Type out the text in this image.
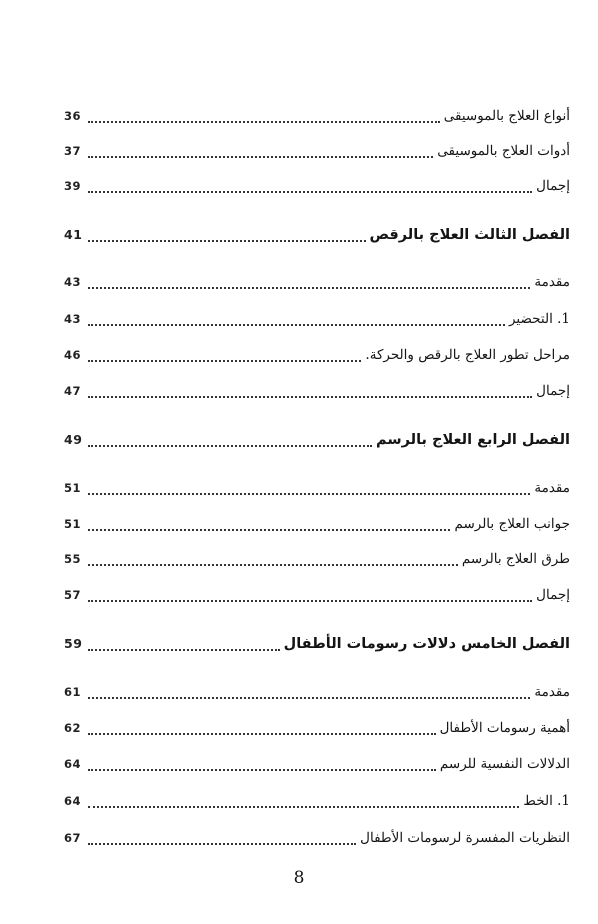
36	أنواع العلاج بالموسيقى
37	أدوات العلاج بالموسيقى
39	إجمال
41	الفصل الثالث العلاج بالرقص
43	مقدمة
43	1. التحضير
46	مراحل تطور العلاج بالرقص والحركة.
47	إجمال
49	الفصل الرابع العلاج بالرسم
51	مقدمة
51	جوانب العلاج بالرسم
55	طرق العلاج بالرسم
57	إجمال
59	الفصل الخامس دلالات رسومات الأطفال
61	مقدمة
62	أهمية رسومات الأطفال
64	الدلالات النفسية للرسم
64	1. الخط
67	النظريات المفسرة لرسومات الأطفال
8
